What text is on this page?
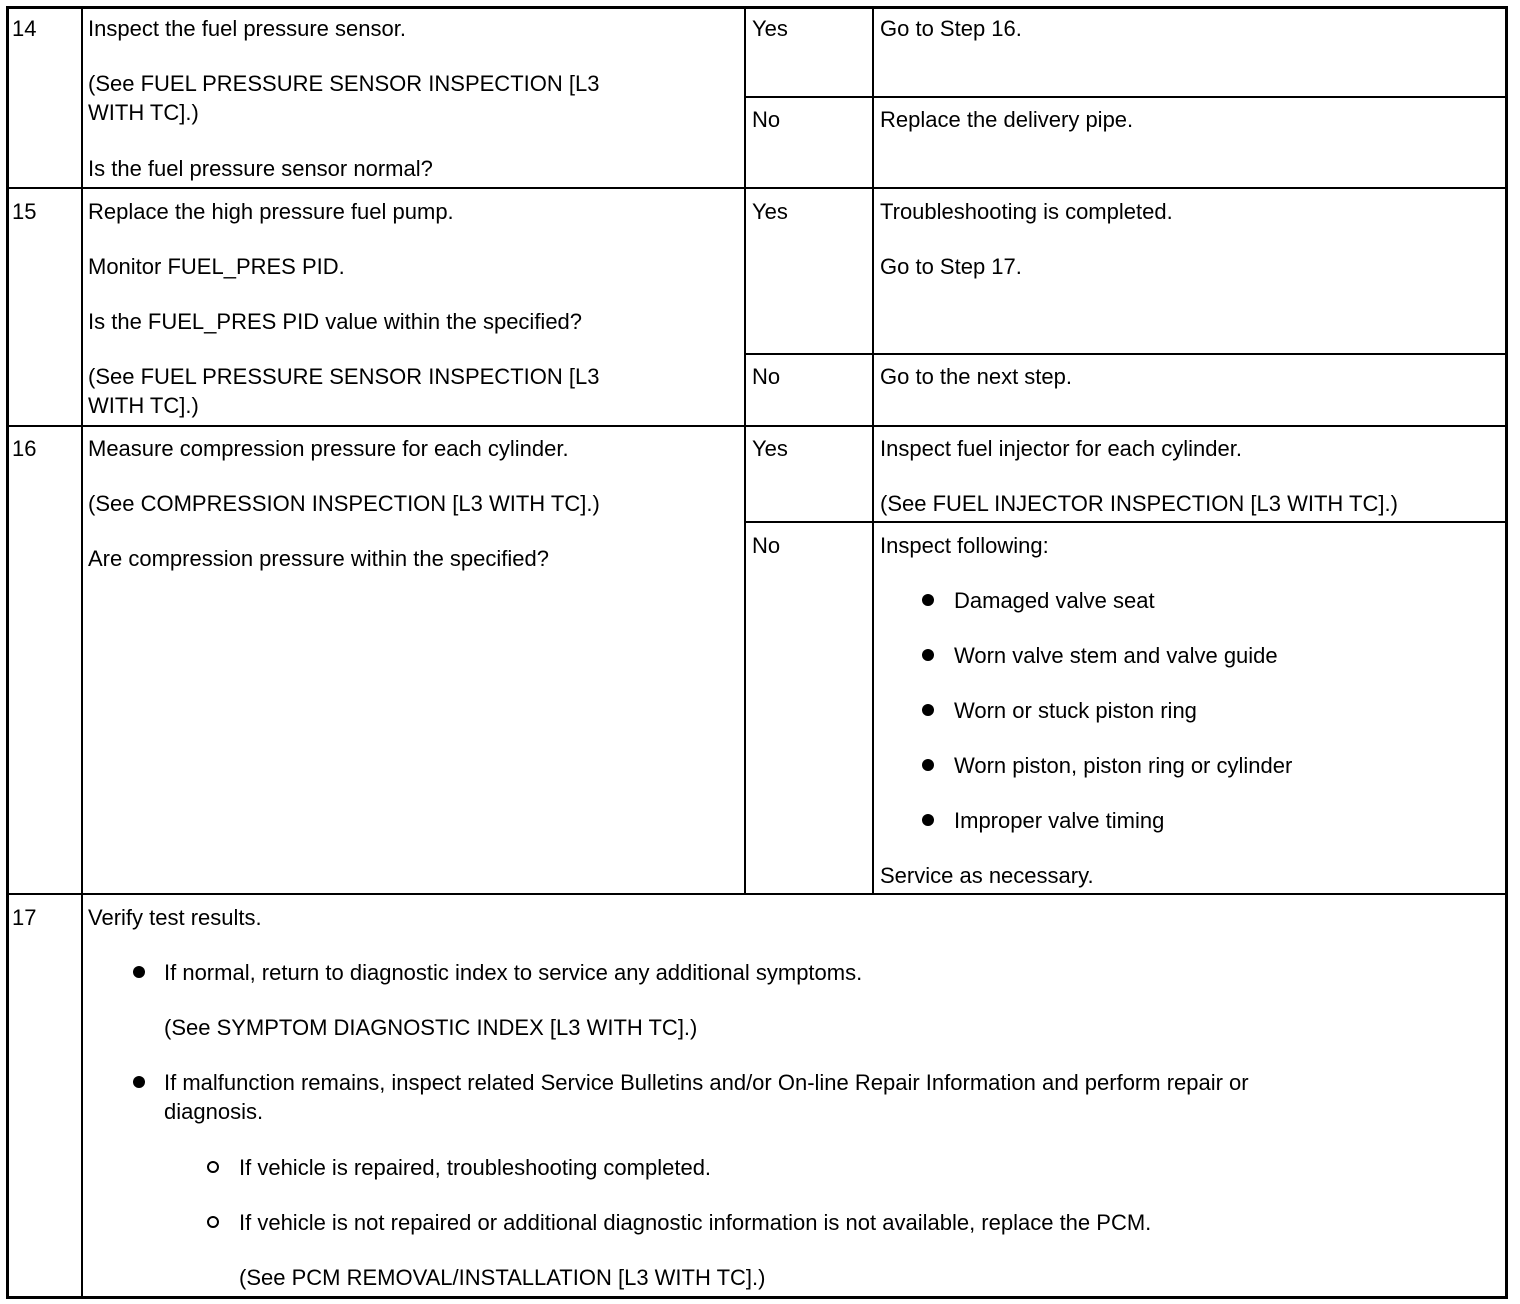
14 Inspect the fuel pressure sensor.
(See FUEL PRESSURE SENSOR INSPECTION [L3
WITH TC].)
Is the fuel pressure sensor normal?
Yes	Go to Step 16.
No	Replace the delivery pipe.
15 Replace the high pressure fuel pump.
Monitor FUEL_PRES PID.
Is the FUEL_PRES PID value within the specified?
(See FUEL PRESSURE SENSOR INSPECTION [L3
WITH TC].)
Yes	Troubleshooting is completed.
Go to Step 17.
No	Go to the next step.
16 Measure compression pressure for each cylinder.
(See COMPRESSION INSPECTION [L3 WITH TC].)
Are compression pressure within the specified?
Yes	Inspect fuel injector for each cylinder.
(See FUEL INJECTOR INSPECTION [L3 WITH TC].)
No	Inspect following:
Damaged valve seat
Worn valve stem and valve guide
Worn or stuck piston ring
Worn piston, piston ring or cylinder
Improper valve timing
Service as necessary.
17 Verify test results.
If normal, return to diagnostic index to service any additional symptoms.
(See SYMPTOM DIAGNOSTIC INDEX [L3 WITH TC].)
If malfunction remains, inspect related Service Bulletins and/or On-line Repair Information and perform repair or
diagnosis.
If vehicle is repaired, troubleshooting completed.
If vehicle is not repaired or additional diagnostic information is not available, replace the PCM.
(See PCM REMOVAL/INSTALLATION [L3 WITH TC].)
